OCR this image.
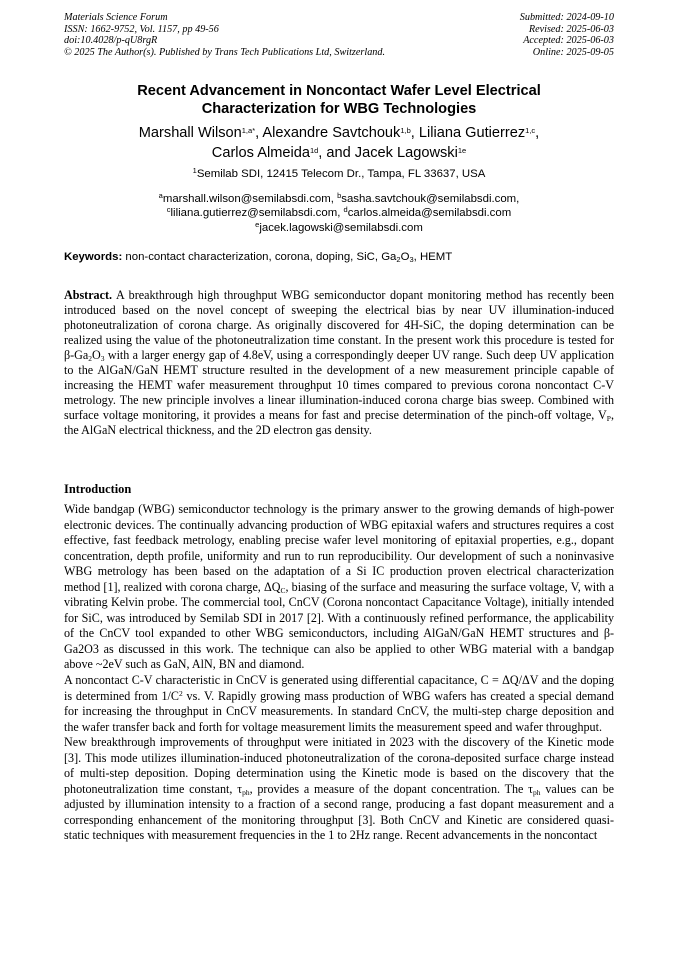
Materials Science Forum
ISSN: 1662-9752, Vol. 1157, pp 49-56
doi:10.4028/p-qU8rgR
© 2025 The Author(s). Published by Trans Tech Publications Ltd, Switzerland.
Submitted: 2024-09-10
Revised: 2025-06-03
Accepted: 2025-06-03
Online: 2025-09-05
Recent Advancement in Noncontact Wafer Level Electrical
Characterization for WBG Technologies
Marshall Wilson$^{1,a*}$, Alexandre Savtchouk$^{1,b}$, Liliana Gutierrez$^{1,c}$,
Carlos Almeida$^{1d}$, and Jacek Lagowski$^{1e}$
$^1$Semilab SDI, 12415 Telecom Dr., Tampa, FL 33637, USA
$^a$marshall.wilson@semilabsdi.com, $^b$sasha.savtchouk@semilabsdi.com,
$^c$liliana.gutierrez@semilabsdi.com, $^d$carlos.almeida@semilabsdi.com
$^e$jacek.lagowski@semilabsdi.com
Keywords: non-contact characterization, corona, doping, SiC, $Ga_2O_3$, HEMT
Abstract. A breakthrough high throughput WBG semiconductor dopant monitoring method has recently been introduced based on the novel concept of sweeping the electrical bias by near UV illumination-induced photoneutralization of corona charge. As originally discovered for 4H-SiC, the doping determination can be realized using the value of the photoneutralization time constant. In the present work this procedure is tested for $\beta-Ga_2O_3$ with a larger energy gap of 4.8eV, using a correspondingly deeper UV range. Such deep UV application to the AlGaN/GaN HEMT structure resulted in the development of a new measurement principle capable of increasing the HEMT wafer measurement throughput 10 times compared to previous corona noncontact C-V metrology. The new principle involves a linear illumination-induced corona charge bias sweep. Combined with surface voltage monitoring, it provides a means for fast and precise determination of the pinch-off voltage, $V_P$, the AlGaN electrical thickness, and the 2D electron gas density.
Introduction

Wide bandgap (WBG) semiconductor technology is the primary answer to the growing demands of high-power electronic devices. The continually advancing production of WBG epitaxial wafers and structures requires a cost effective, fast feedback metrology, enabling precise wafer level monitoring of epitaxial properties, e.g., dopant concentration, depth profile, uniformity and run to run reproducibility. Our development of such a noninvasive WBG metrology has been based on the adaptation of a Si IC production proven electrical characterization method [1], realized with corona charge, $\Delta Q_C$, biasing of the surface and measuring the surface voltage, V, with a vibrating Kelvin probe. The commercial tool, CnCV (Corona noncontact Capacitance Voltage), initially intended for SiC, was introduced by Semilab SDI in 2017 [2]. With a continuously refined performance, the applicability of the CnCV tool expanded to other WBG semiconductors, including AlGaN/GaN HEMT structures and β-Ga2O3 as discussed in this work. The technique can also be applied to other WBG material with a bandgap above ~2eV such as GaN, AlN, BN and diamond.

A noncontact C-V characteristic in CnCV is generated using differential capacitance, C = ΔQ/ΔV and the doping is determined from $1/C^2$ vs. V. Rapidly growing mass production of WBG wafers has created a special demand for increasing the throughput in CnCV measurements. In standard CnCV, the multi-step charge deposition and the wafer transfer back and forth for voltage measurement limits the measurement speed and wafer throughput.

New breakthrough improvements of throughput were initiated in 2023 with the discovery of the Kinetic mode [3]. This mode utilizes illumination-induced photoneutralization of the corona-deposited surface charge instead of multi-step deposition. Doping determination using the Kinetic mode is based on the discovery that the photoneutralization time constant, $\tau_{ph}$, provides a measure of the dopant concentration. The $\tau_{ph}$ values can be adjusted by illumination intensity to a fraction of a second range, producing a fast dopant measurement and a corresponding enhancement of the monitoring throughput [3]. Both CnCV and Kinetic are considered quasi-static techniques with measurement frequencies in the 1 to 2Hz range. Recent advancements in the noncontact
